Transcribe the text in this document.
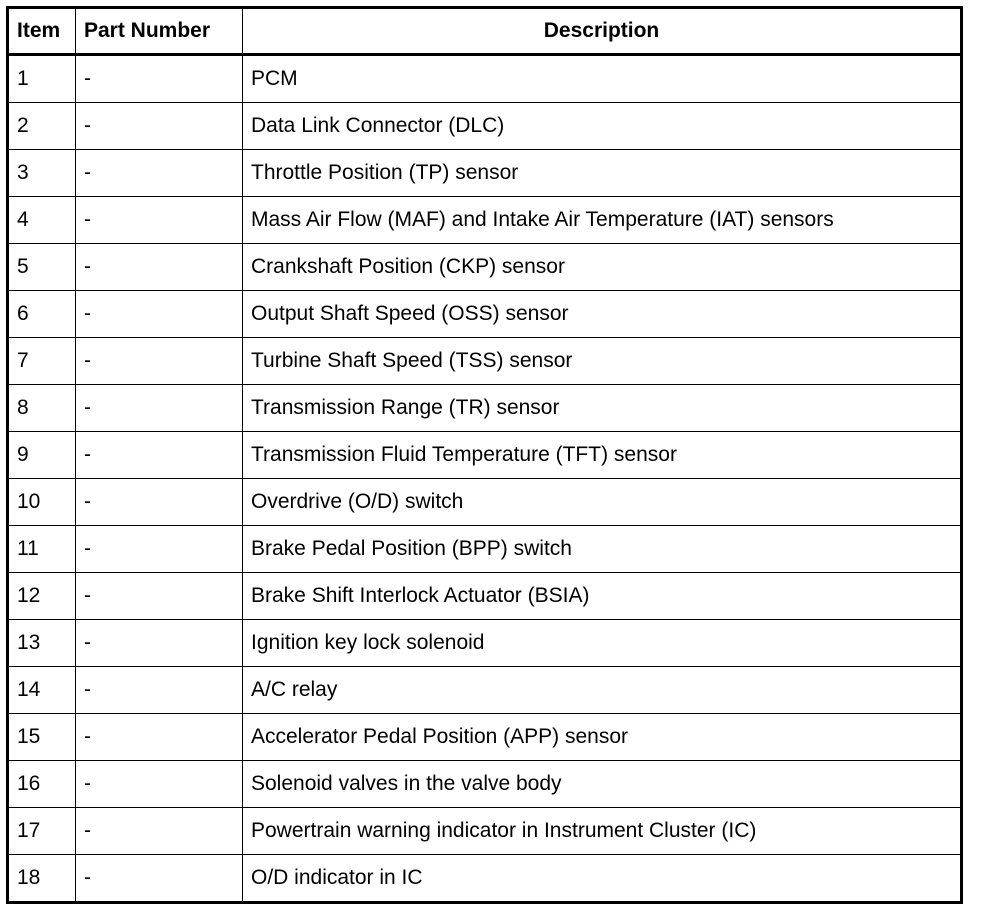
Item	Part Number	Description
1	-	PCM
2	-	Data Link Connector (DLC)
3	-	Throttle Position (TP) sensor
4	-	Mass Air Flow (MAF) and Intake Air Temperature (IAT) sensors
5	-	Crankshaft Position (CKP) sensor
6	-	Output Shaft Speed (OSS) sensor
7	-	Turbine Shaft Speed (TSS) sensor
8	-	Transmission Range (TR) sensor
9	-	Transmission Fluid Temperature (TFT) sensor
10	-	Overdrive (O/D) switch
11	-	Brake Pedal Position (BPP) switch
12	-	Brake Shift Interlock Actuator (BSIA)
13	-	Ignition key lock solenoid
14	-	A/C relay
15	-	Accelerator Pedal Position (APP) sensor
16	-	Solenoid valves in the valve body
17	-	Powertrain warning indicator in Instrument Cluster (IC)
18	-	O/D indicator in IC
